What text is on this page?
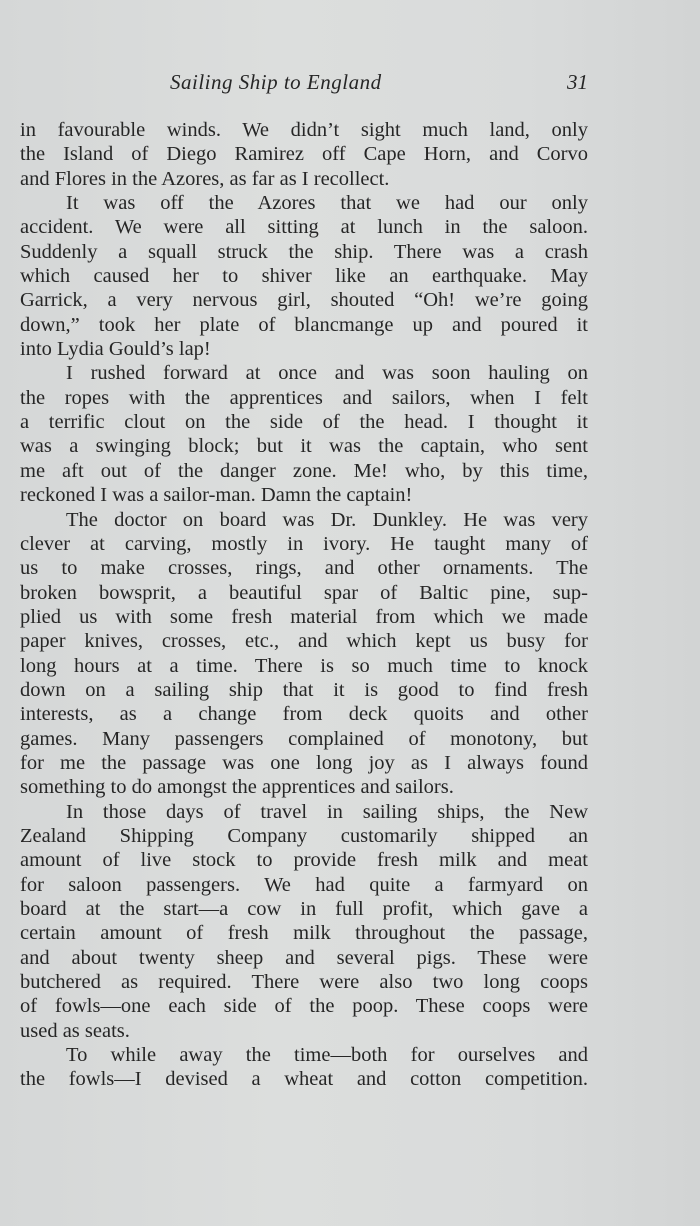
Sailing Ship to England	31
in favourable winds. We didn’t sight much land, only
the Island of Diego Ramirez off Cape Horn, and Corvo
and Flores in the Azores, as far as I recollect.
It was off the Azores that we had our only
accident. We were all sitting at lunch in the saloon.
Suddenly a squall struck the ship. There was a crash
which caused her to shiver like an earthquake. May
Garrick, a very nervous girl, shouted “Oh! we’re going
down,” took her plate of blancmange up and poured it
into Lydia Gould’s lap!
I rushed forward at once and was soon hauling on
the ropes with the apprentices and sailors, when I felt
a terrific clout on the side of the head. I thought it
was a swinging block; but it was the captain, who sent
me aft out of the danger zone. Me! who, by this time,
reckoned I was a sailor-man. Damn the captain!
The doctor on board was Dr. Dunkley. He was very
clever at carving, mostly in ivory. He taught many of
us to make crosses, rings, and other ornaments. The
broken bowsprit, a beautiful spar of Baltic pine, sup-
plied us with some fresh material from which we made
paper knives, crosses, etc., and which kept us busy for
long hours at a time. There is so much time to knock
down on a sailing ship that it is good to find fresh
interests, as a change from deck quoits and other
games. Many passengers complained of monotony, but
for me the passage was one long joy as I always found
something to do amongst the apprentices and sailors.
In those days of travel in sailing ships, the New
Zealand Shipping Company customarily shipped an
amount of live stock to provide fresh milk and meat
for saloon passengers. We had quite a farmyard on
board at the start—a cow in full profit, which gave a
certain amount of fresh milk throughout the passage,
and about twenty sheep and several pigs. These were
butchered as required. There were also two long coops
of fowls—one each side of the poop. These coops were
used as seats.
To while away the time—both for ourselves and
the fowls—I devised a wheat and cotton competition.
